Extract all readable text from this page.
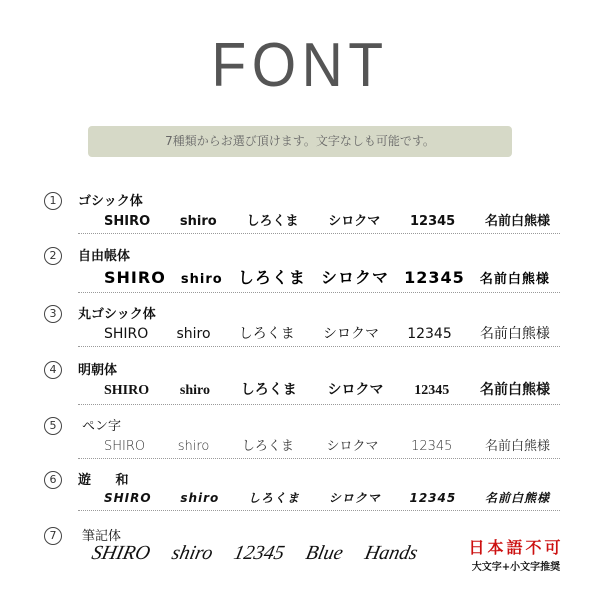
FONT
7種類からお選び頂けます。文字なしも可能です。
1	ゴシック体
SHIRO shiro しろくま シロクマ 12345 名前白熊様
2	自由帳体
SHIRO shiro しろくま シロクマ 12345 名前白熊様
3	丸ゴシック体
SHIRO shiro しろくま シロクマ 12345 名前白熊様
4	明朝体
SHIRO shiro しろくま シロクマ 12345 名前白熊様
5	ペン字
SHIRO	shiro	しろくま	シロクマ	12345	名前白熊様
6	遊 和
SHIRO shiro しろくま シロクマ 12345 名前白熊様
7	筆記体
SHIRO shiro 12345 Blue Hands	日本語不可
大文字+小文字推奨
